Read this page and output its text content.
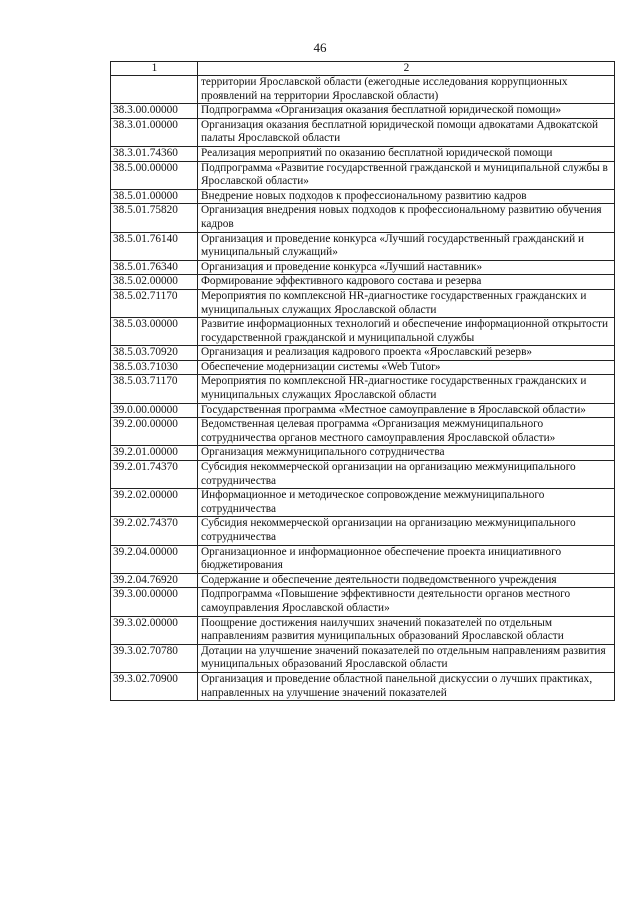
46
1	2
	территории Ярославской области (ежегодные исследования коррупционных проявлений на территории Ярославской области)
38.3.00.00000	Подпрограмма «Организация оказания бесплатной юридической помощи»
38.3.01.00000	Организация оказания бесплатной юридической помощи адвокатами Адвокатской палаты Ярославской области
38.3.01.74360	Реализация мероприятий по оказанию бесплатной юридической помощи
38.5.00.00000	Подпрограмма «Развитие государственной гражданской и муниципальной службы в Ярославской области»
38.5.01.00000	Внедрение новых подходов к профессиональному развитию кадров
38.5.01.75820	Организация внедрения новых подходов к профессиональному развитию обучения кадров
38.5.01.76140	Организация и проведение конкурса «Лучший государственный гражданский и муниципальный служащий»
38.5.01.76340	Организация и проведение конкурса «Лучший наставник»
38.5.02.00000	Формирование эффективного кадрового состава и резерва
38.5.02.71170	Мероприятия по комплексной HR-диагностике государственных гражданских и муниципальных служащих Ярославской области
38.5.03.00000	Развитие информационных технологий и обеспечение информационной открытости государственной гражданской и муниципальной службы
38.5.03.70920	Организация и реализация кадрового проекта «Ярославский резерв»
38.5.03.71030	Обеспечение модернизации системы «Web Tutor»
38.5.03.71170	Мероприятия по комплексной HR-диагностике государственных гражданских и муниципальных служащих Ярославской области
39.0.00.00000	Государственная программа «Местное самоуправление в Ярославской области»
39.2.00.00000	Ведомственная целевая программа «Организация межмуниципального сотрудничества органов местного самоуправления Ярославской области»
39.2.01.00000	Организация межмуниципального сотрудничества
39.2.01.74370	Субсидия некоммерческой организации на организацию межмуниципального сотрудничества
39.2.02.00000	Информационное и методическое сопровождение межмуниципального сотрудничества
39.2.02.74370	Субсидия некоммерческой организации на организацию межмуниципального сотрудничества
39.2.04.00000	Организационное и информационное обеспечение проекта инициативного бюджетирования
39.2.04.76920	Содержание и обеспечение деятельности подведомственного учреждения
39.3.00.00000	Подпрограмма «Повышение эффективности деятельности органов местного самоуправления Ярославской области»
39.3.02.00000	Поощрение достижения наилучших значений показателей по отдельным направлениям развития муниципальных образований Ярославской области
39.3.02.70780	Дотации на улучшение значений показателей по отдельным направлениям развития муниципальных образований Ярославской области
39.3.02.70900	Организация и проведение областной панельной дискуссии о лучших практиках, направленных на улучшение значений показателей
